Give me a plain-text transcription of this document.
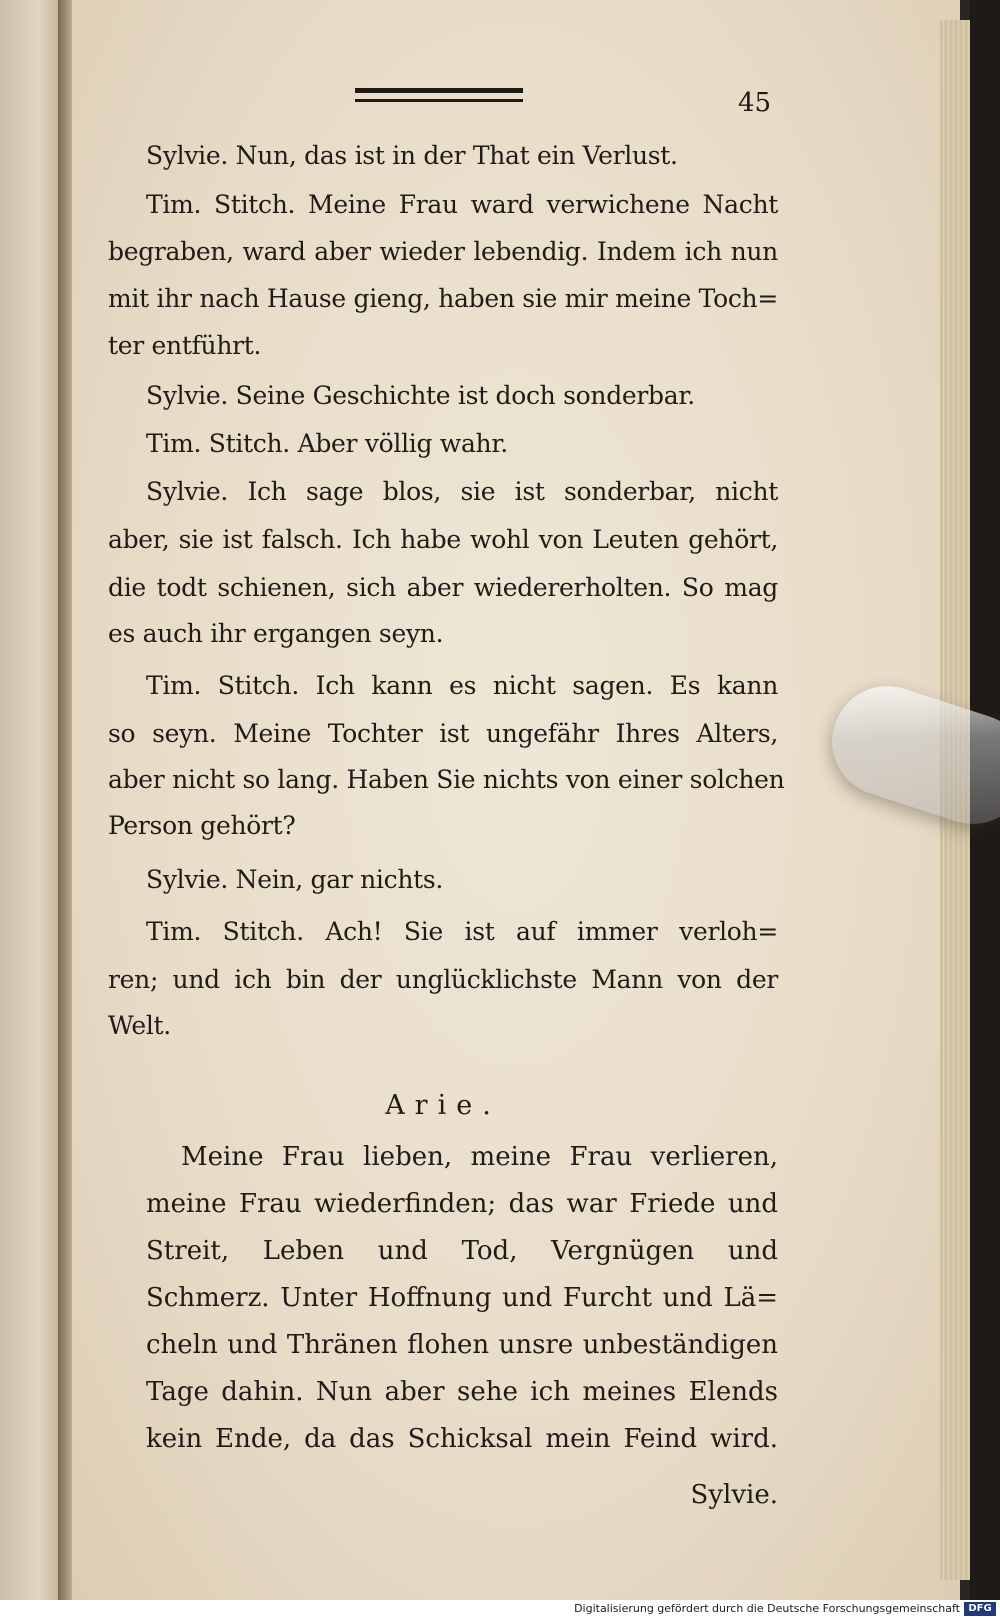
45
Sylvie. Nun, das ist in der That ein Verlust.
Tim. Stitch. Meine Frau ward verwichene Nacht
begraben, ward aber wieder lebendig. Indem ich nun
mit ihr nach Hause gieng, haben sie mir meine Toch=
ter entführt.
Sylvie. Seine Geschichte ist doch sonderbar.
Tim. Stitch. Aber völlig wahr.
Sylvie. Ich sage blos, sie ist sonderbar, nicht
aber, sie ist falsch. Ich habe wohl von Leuten gehört,
die todt schienen, sich aber wiedererholten. So mag
es auch ihr ergangen seyn.
Tim. Stitch. Ich kann es nicht sagen. Es kann
so seyn. Meine Tochter ist ungefähr Ihres Alters,
aber nicht so lang. Haben Sie nichts von einer solchen
Person gehört?
Sylvie. Nein, gar nichts.
Tim. Stitch. Ach! Sie ist auf immer verloh=
ren; und ich bin der unglücklichste Mann von der
Welt.
Arie.
Meine Frau lieben, meine Frau verlieren,
meine Frau wiederfinden; das war Friede und
Streit, Leben und Tod, Vergnügen und
Schmerz. Unter Hoffnung und Furcht und Lä=
cheln und Thränen flohen unsre unbeständigen
Tage dahin. Nun aber sehe ich meines Elends
kein Ende, da das Schicksal mein Feind wird.
Sylvie.
Digitalisierung gefördert durch die Deutsche Forschungsgemeinschaft DFG
